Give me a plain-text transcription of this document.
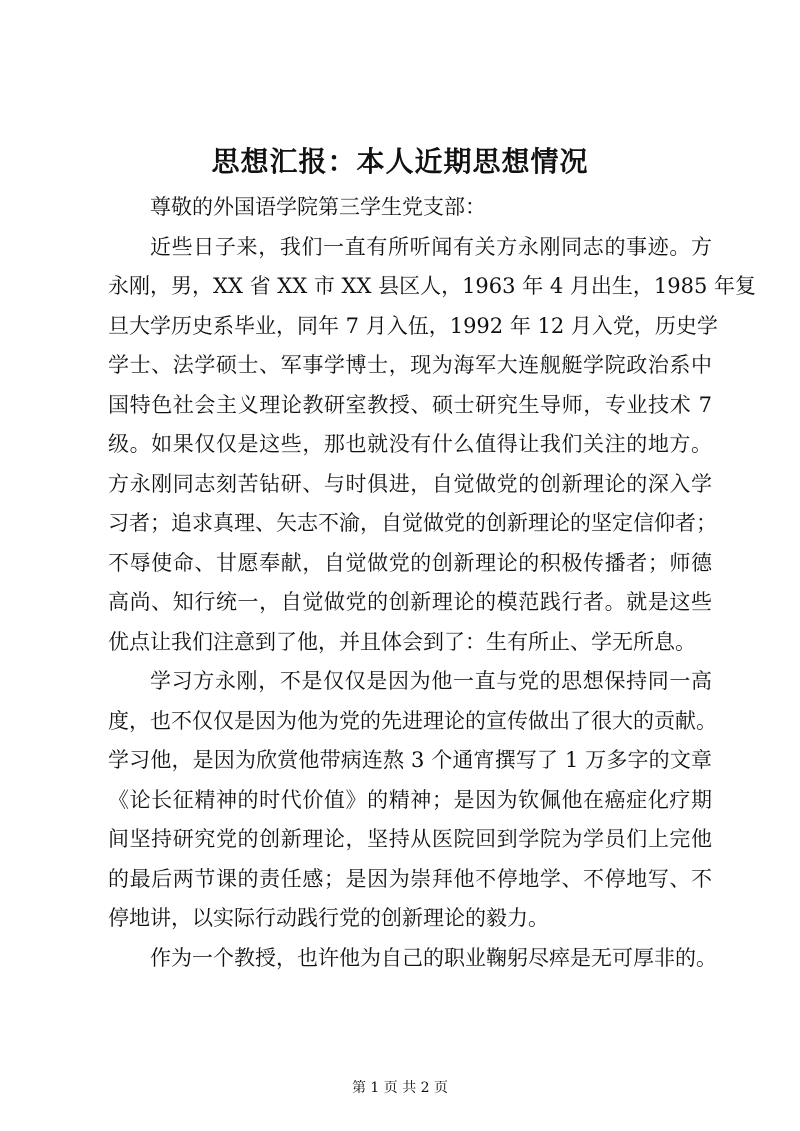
思想汇报：本人近期思想情况
尊敬的外国语学院第三学生党支部：
近些日子来，我们一直有所听闻有关方永刚同志的事迹。方
永刚，男，XX 省 XX 市 XX 县区人，1963 年 4 月出生，1985 年复
旦大学历史系毕业，同年 7 月入伍，1992 年 12 月入党，历史学
学士、法学硕士、军事学博士，现为海军大连舰艇学院政治系中
国特色社会主义理论教研室教授、硕士研究生导师，专业技术 7
级。如果仅仅是这些，那也就没有什么值得让我们关注的地方。
方永刚同志刻苦钻研、与时俱进，自觉做党的创新理论的深入学
习者；追求真理、矢志不渝，自觉做党的创新理论的坚定信仰者；
不辱使命、甘愿奉献，自觉做党的创新理论的积极传播者；师德
高尚、知行统一，自觉做党的创新理论的模范践行者。就是这些
优点让我们注意到了他，并且体会到了：生有所止、学无所息。
学习方永刚，不是仅仅是因为他一直与党的思想保持同一高
度，也不仅仅是因为他为党的先进理论的宣传做出了很大的贡献。
学习他，是因为欣赏他带病连熬 3 个通宵撰写了 1 万多字的文章
《论长征精神的时代价值》的精神；是因为钦佩他在癌症化疗期
间坚持研究党的创新理论，坚持从医院回到学院为学员们上完他
的最后两节课的责任感；是因为崇拜他不停地学、不停地写、不
停地讲，以实际行动践行党的创新理论的毅力。
作为一个教授，也许他为自己的职业鞠躬尽瘁是无可厚非的。
第 1 页 共 2 页
